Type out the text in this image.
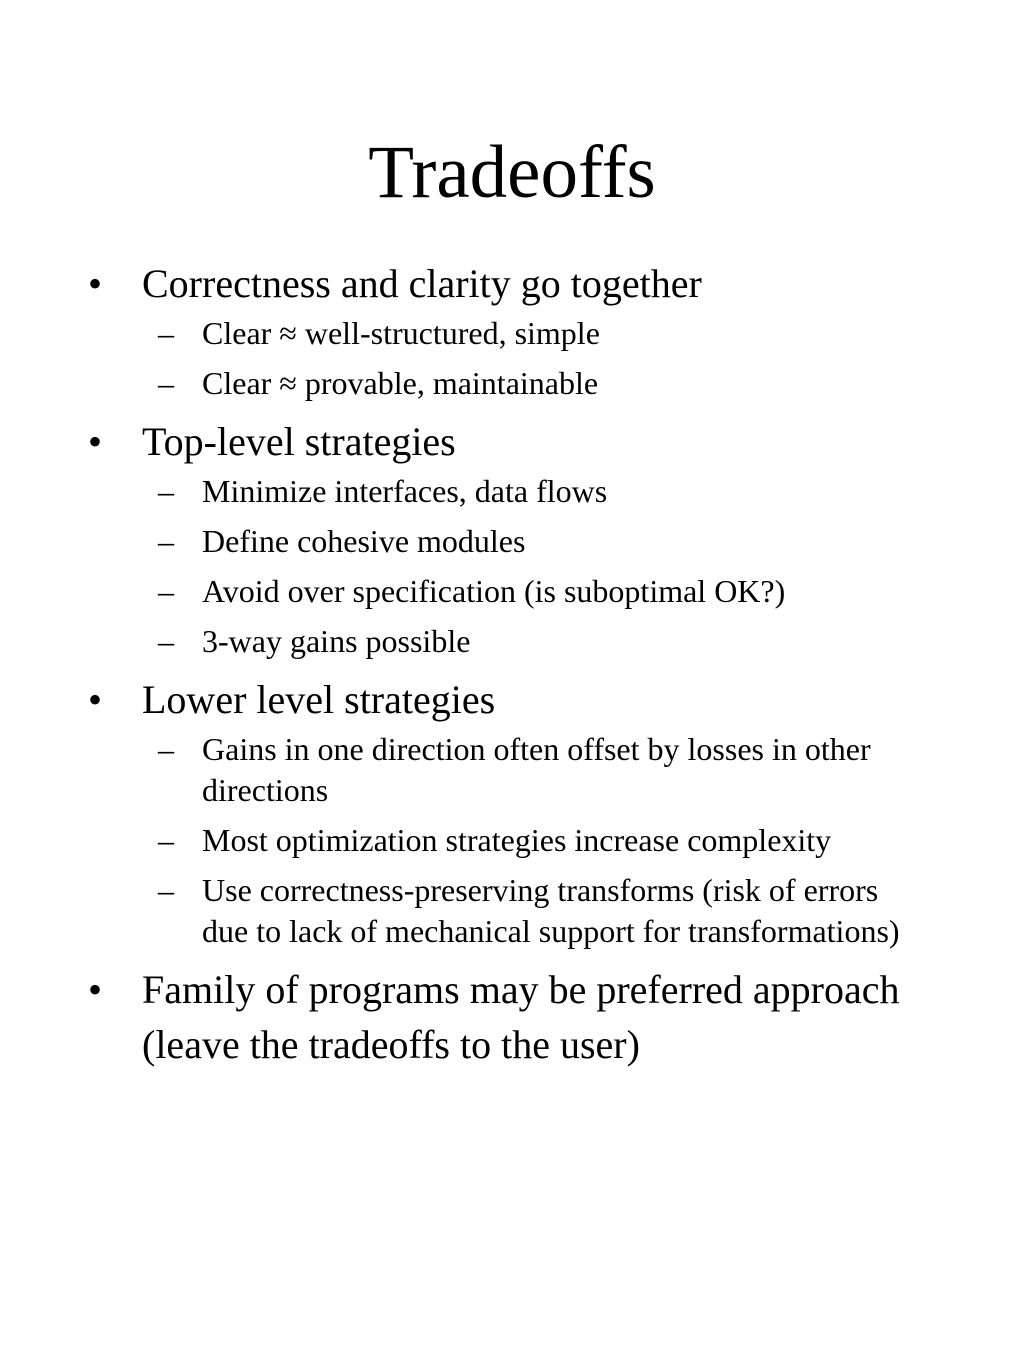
Tradeoffs
• Correctness and clarity go together
– Clear ≈ well-structured, simple
– Clear ≈ provable, maintainable
• Top-level strategies
– Minimize interfaces, data flows
– Define cohesive modules
– Avoid over specification (is suboptimal OK?)
– 3-way gains possible
• Lower level strategies
– Gains in one direction often offset by losses in other directions
– Most optimization strategies increase complexity
– Use correctness-preserving transforms (risk of errors due to lack of mechanical support for transformations)
• Family of programs may be preferred approach (leave the tradeoffs to the user)
